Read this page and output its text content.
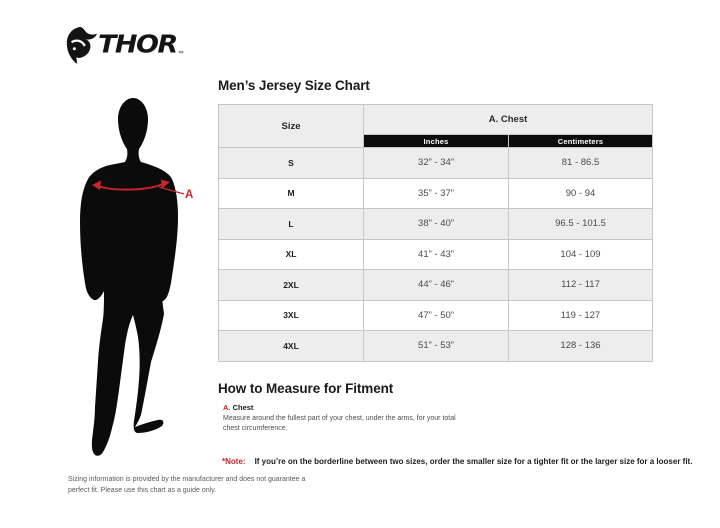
THOR ™
A
Men’s Jersey Size Chart
Size	A. Chest	
	Inches	Centimeters
S	32” - 34”	81 - 86.5
M	35” - 37”	90 - 94
L	38” - 40”	96.5 - 101.5
XL	41” - 43”	104 - 109
2XL	44” - 46”	112 - 117
3XL	47” - 50”	119 - 127
4XL	51” - 53”	128 - 136
How to Measure for Fitment
A. Chest

Measure around the fullest part of your chest, under the arms, for your total chest circumference.

*Note: If you’re on the borderline between two sizes, order the smaller size for a tighter fit or the larger size for a looser fit.

Sizing information is provided by the manufacturer and does not guarantee a perfect fit. Please use this chart as a guide only.
